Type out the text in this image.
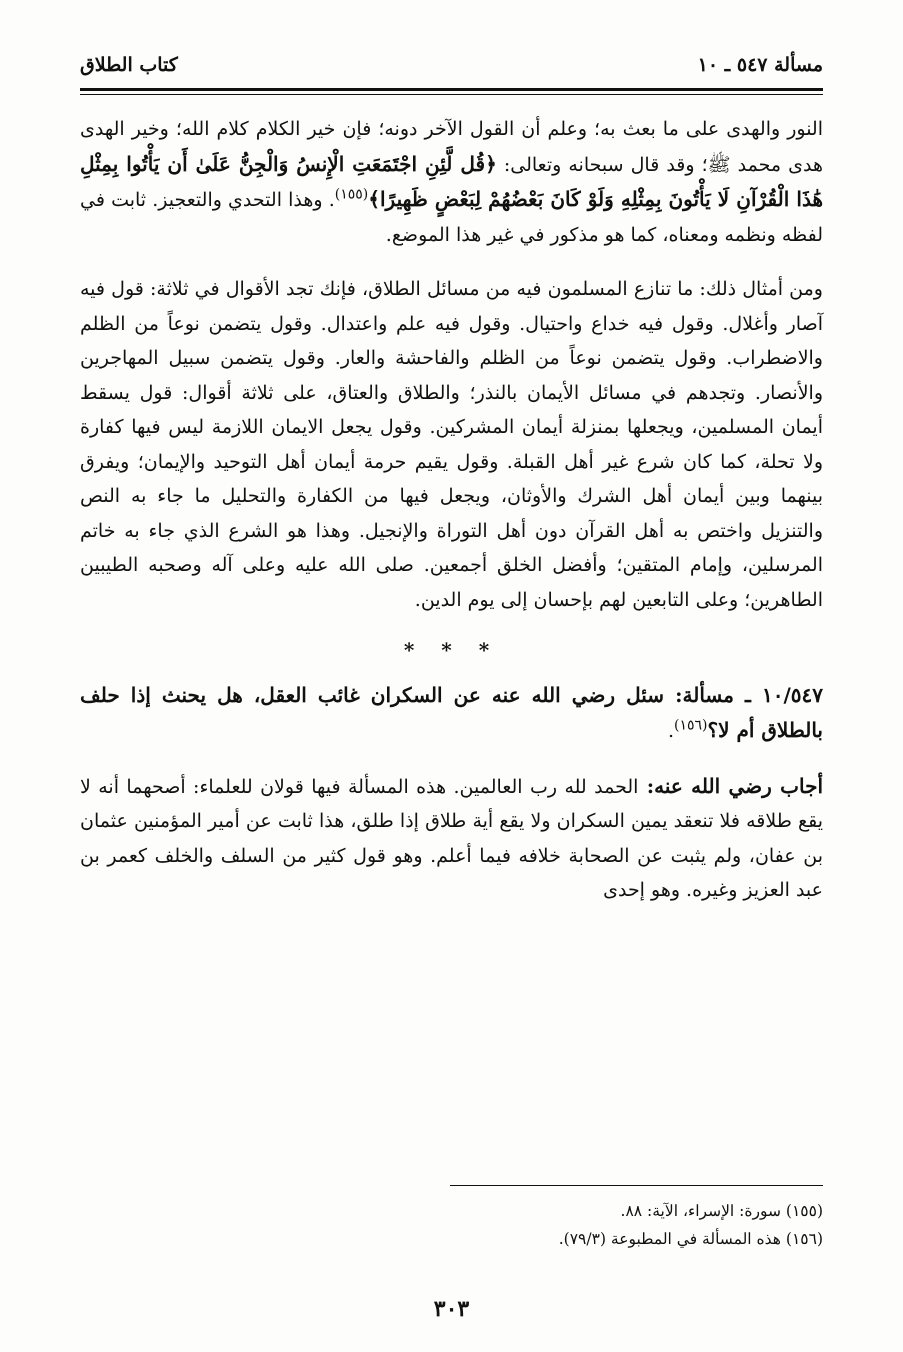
مسألة ٥٤٧ ـ ١٠
كتاب الطلاق

النور والهدى على ما بعث به؛ وعلم أن القول الآخر دونه؛ فإن خير الكلام كلام الله؛ وخير الهدى هدى محمد ﷺ؛ وقد قال سبحانه وتعالى: ﴿قُل لَّئِنِ اجْتَمَعَتِ الْإِنسُ وَالْجِنُّ عَلَىٰ أَن يَأْتُوا بِمِثْلِ هَٰذَا الْقُرْآنِ لَا يَأْتُونَ بِمِثْلِهِ وَلَوْ كَانَ بَعْضُهُمْ لِبَعْضٍ ظَهِيرًا﴾$^{(١٥٥)}$. وهذا التحدي والتعجيز. ثابت في لفظه ونظمه ومعناه، كما هو مذكور في غير هذا الموضع.

ومن أمثال ذلك: ما تنازع المسلمون فيه من مسائل الطلاق، فإنك تجد الأقوال في ثلاثة: قول فيه آصار وأغلال. وقول فيه خداع واحتيال. وقول فيه علم واعتدال. وقول يتضمن نوعاً من الظلم والاضطراب. وقول يتضمن نوعاً من الظلم والفاحشة والعار. وقول يتضمن سبيل المهاجرين والأنصار. وتجدهم في مسائل الأيمان بالنذر؛ والطلاق والعتاق، على ثلاثة أقوال: قول يسقط أيمان المسلمين، ويجعلها بمنزلة أيمان المشركين. وقول يجعل الايمان اللازمة ليس فيها كفارة ولا تحلة، كما كان شرع غير أهل القبلة. وقول يقيم حرمة أيمان أهل التوحيد والإيمان؛ ويفرق بينهما وبين أيمان أهل الشرك والأوثان، ويجعل فيها من الكفارة والتحليل ما جاء به النص والتنزيل واختص به أهل القرآن دون أهل التوراة والإنجيل. وهذا هو الشرع الذي جاء به خاتم المرسلين، وإمام المتقين؛ وأفضل الخلق أجمعين. صلى الله عليه وعلى آله وصحبه الطيبين الطاهرين؛ وعلى التابعين لهم بإحسان إلى يوم الدين.

* * *

١٠/٥٤٧ ـ مسألة: سئل رضي الله عنه عن السكران غائب العقل، هل يحنث إذا حلف بالطلاق أم لا؟$^{(١٥٦)}$.

أجاب رضي الله عنه: الحمد لله رب العالمين. هذه المسألة فيها قولان للعلماء: أصحهما أنه لا يقع طلاقه فلا تنعقد يمين السكران ولا يقع أية طلاق إذا طلق، هذا ثابت عن أمير المؤمنين عثمان بن عفان، ولم يثبت عن الصحابة خلافه فيما أعلم. وهو قول كثير من السلف والخلف كعمر بن عبد العزيز وغيره. وهو إحدى

(١٥٥) سورة: الإسراء، الآية: ٨٨.
(١٥٦) هذه المسألة في المطبوعة (٧٩/٣).
٣٠٣
